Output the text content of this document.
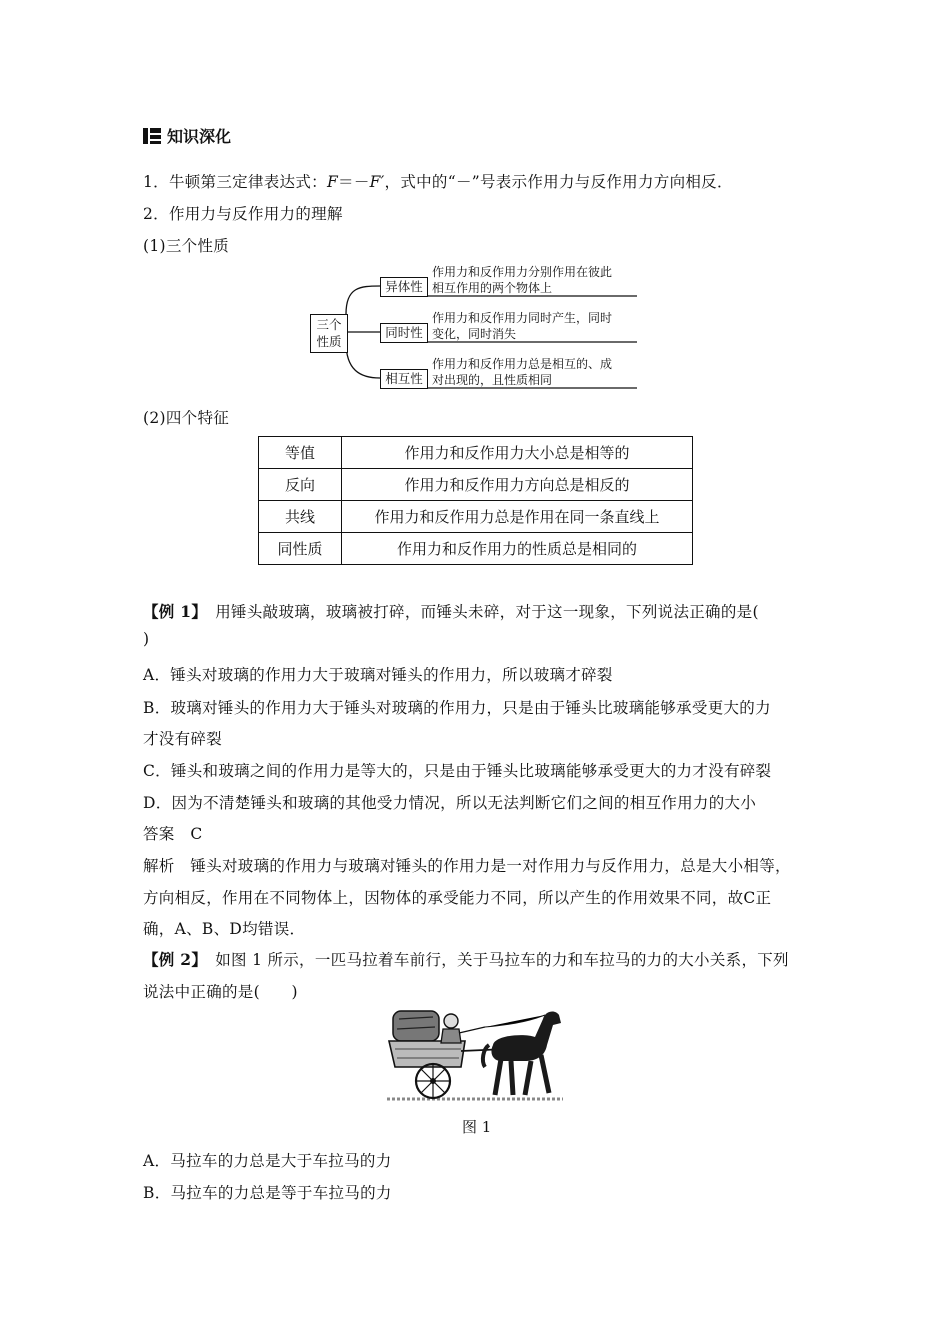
知识深化
1．牛顿第三定律表达式：F＝－F′，式中的“－”号表示作用力与反作用力方向相反．
2．作用力与反作用力的理解
(1)三个性质
三个
性质
异体性
作用力和反作用力分别作用在彼此
相互作用的两个物体上
同时性
作用力和反作用力同时产生，同时
变化，同时消失
相互性
作用力和反作用力总是相互的、成
对出现的，且性质相同
(2)四个特征
等值	作用力和反作用力大小总是相等的
反向	作用力和反作用力方向总是相反的
共线	作用力和反作用力总是作用在同一条直线上
同性质	作用力和反作用力的性质总是相同的
【例 1】　用锤头敲玻璃，玻璃被打碎，而锤头未碎，对于这一现象，下列说法正确的是(
)
A．锤头对玻璃的作用力大于玻璃对锤头的作用力，所以玻璃才碎裂
B．玻璃对锤头的作用力大于锤头对玻璃的作用力，只是由于锤头比玻璃能够承受更大的力
才没有碎裂
C．锤头和玻璃之间的作用力是等大的，只是由于锤头比玻璃能够承受更大的力才没有碎裂
D．因为不清楚锤头和玻璃的其他受力情况，所以无法判断它们之间的相互作用力的大小
答案　C
解析　锤头对玻璃的作用力与玻璃对锤头的作用力是一对作用力与反作用力，总是大小相等，
方向相反，作用在不同物体上，因物体的承受能力不同，所以产生的作用效果不同，故C正
确，A、B、D均错误．
【例 2】　如图 1 所示，一匹马拉着车前行，关于马拉车的力和车拉马的力的大小关系，下列
说法中正确的是(　　)
图 1
A．马拉车的力总是大于车拉马的力
B．马拉车的力总是等于车拉马的力
